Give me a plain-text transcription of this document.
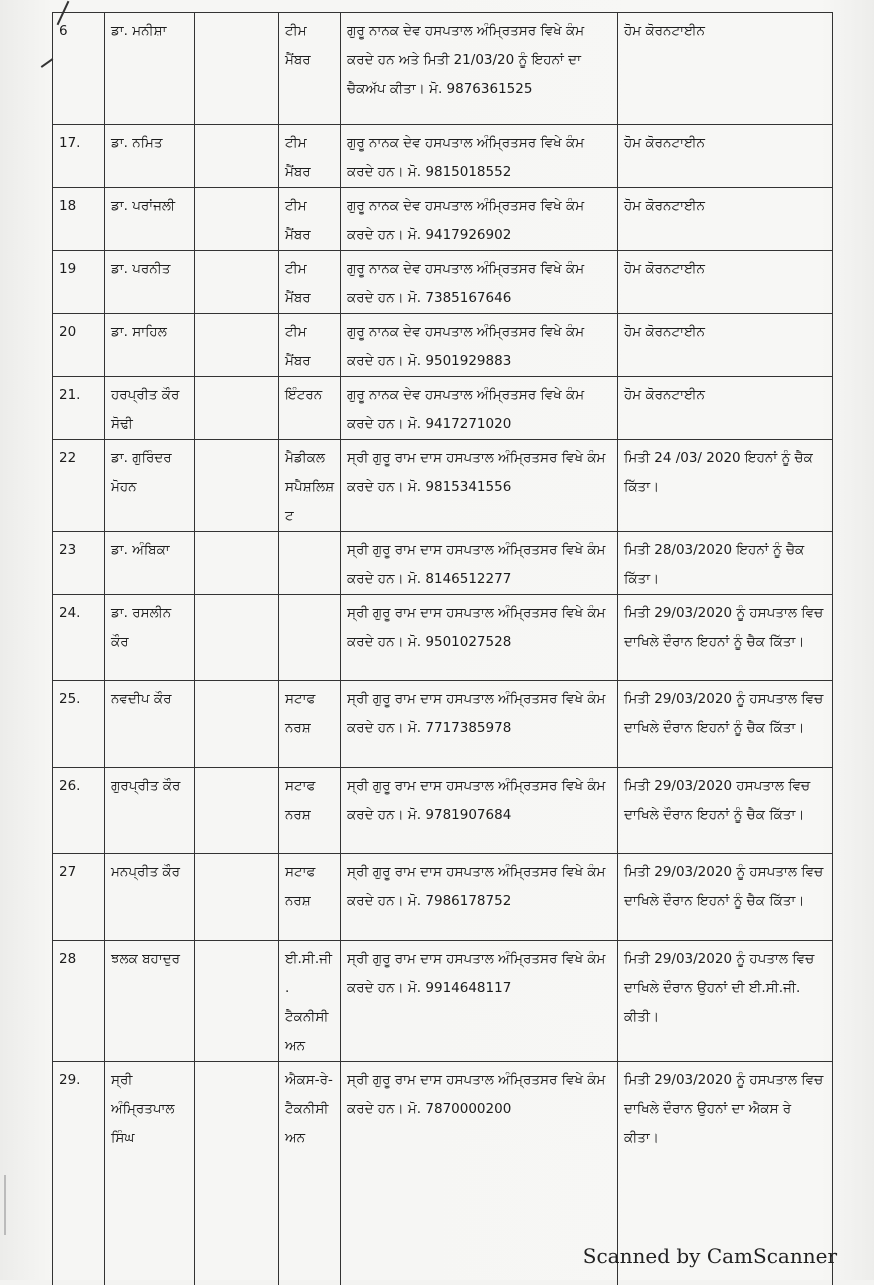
6	ਡਾ. ਮਨੀਸ਼ਾ		ਟੀਮ ਮੈਂਬਰ	ਗੁਰੂ ਨਾਨਕ ਦੇਵ ਹਸਪਤਾਲ ਅੰਮ੍ਰਿਤਸਰ ਵਿਖੇ ਕੰਮ ਕਰਦੇ ਹਨ ਅਤੇ ਮਿਤੀ 21/03/20 ਨੂੰ ਇਹਨਾਂ ਦਾ ਚੈਕਅੱਪ ਕੀਤਾ। ਮੋ. 9876361525	ਹੋਮ ਕੋਰਨਟਾਈਨ
17.	ਡਾ. ਨਮਿਤ		ਟੀਮ ਮੈਂਬਰ	ਗੁਰੂ ਨਾਨਕ ਦੇਵ ਹਸਪਤਾਲ ਅੰਮ੍ਰਿਤਸਰ ਵਿਖੇ ਕੰਮ ਕਰਦੇ ਹਨ। ਮੋ. 9815018552	ਹੋਮ ਕੋਰਨਟਾਈਨ
18	ਡਾ. ਪਰਾਂਜਲੀ		ਟੀਮ ਮੈਂਬਰ	ਗੁਰੂ ਨਾਨਕ ਦੇਵ ਹਸਪਤਾਲ ਅੰਮ੍ਰਿਤਸਰ ਵਿਖੇ ਕੰਮ ਕਰਦੇ ਹਨ। ਮੋ. 9417926902	ਹੋਮ ਕੋਰਨਟਾਈਨ
19	ਡਾ. ਪਰਨੀਤ		ਟੀਮ ਮੈਂਬਰ	ਗੁਰੂ ਨਾਨਕ ਦੇਵ ਹਸਪਤਾਲ ਅੰਮ੍ਰਿਤਸਰ ਵਿਖੇ ਕੰਮ ਕਰਦੇ ਹਨ। ਮੋ. 7385167646	ਹੋਮ ਕੋਰਨਟਾਈਨ
20	ਡਾ. ਸਾਹਿਲ		ਟੀਮ ਮੈਂਬਰ	ਗੁਰੂ ਨਾਨਕ ਦੇਵ ਹਸਪਤਾਲ ਅੰਮ੍ਰਿਤਸਰ ਵਿਖੇ ਕੰਮ ਕਰਦੇ ਹਨ। ਮੋ. 9501929883	ਹੋਮ ਕੋਰਨਟਾਈਨ
21.	ਹਰਪ੍ਰੀਤ ਕੌਰ ਸੋਢੀ		ਇੰਟਰਨ	ਗੁਰੂ ਨਾਨਕ ਦੇਵ ਹਸਪਤਾਲ ਅੰਮ੍ਰਿਤਸਰ ਵਿਖੇ ਕੰਮ ਕਰਦੇ ਹਨ। ਮੋ. 9417271020	ਹੋਮ ਕੋਰਨਟਾਈਨ
22	ਡਾ. ਗੁਰਿੰਦਰ ਮੋਹਨ		ਮੈਡੀਕਲ ਸਪੈਸ਼ਲਿਸ਼ਟ	ਸ੍ਰੀ ਗੁਰੂ ਰਾਮ ਦਾਸ ਹਸਪਤਾਲ ਅੰਮ੍ਰਿਤਸਰ ਵਿਖੇ ਕੰਮ ਕਰਦੇ ਹਨ। ਮੋ. 9815341556	ਮਿਤੀ 24 /03/ 2020 ਇਹਨਾਂ ਨੂੰ ਚੈਕ ਕਿੱਤਾ।
23	ਡਾ. ਅੰਬਿਕਾ			ਸ੍ਰੀ ਗੁਰੂ ਰਾਮ ਦਾਸ ਹਸਪਤਾਲ ਅੰਮ੍ਰਿਤਸਰ ਵਿਖੇ ਕੰਮ ਕਰਦੇ ਹਨ। ਮੋ. 8146512277	ਮਿਤੀ 28/03/2020 ਇਹਨਾਂ ਨੂੰ ਚੈਕ ਕਿੱਤਾ।
24.	ਡਾ. ਰਸਲੀਨ ਕੌਰ			ਸ੍ਰੀ ਗੁਰੂ ਰਾਮ ਦਾਸ ਹਸਪਤਾਲ ਅੰਮ੍ਰਿਤਸਰ ਵਿਖੇ ਕੰਮ ਕਰਦੇ ਹਨ। ਮੋ. 9501027528	ਮਿਤੀ 29/03/2020 ਨੂੰ ਹਸਪਤਾਲ ਵਿਚ ਦਾਖਿਲੇ ਦੌਰਾਨ ਇਹਨਾਂ ਨੂੰ ਚੈਕ ਕਿੱਤਾ।
25.	ਨਵਦੀਪ ਕੌਰ		ਸਟਾਫ ਨਰਸ਼	ਸ੍ਰੀ ਗੁਰੂ ਰਾਮ ਦਾਸ ਹਸਪਤਾਲ ਅੰਮ੍ਰਿਤਸਰ ਵਿਖੇ ਕੰਮ ਕਰਦੇ ਹਨ। ਮੋ. 7717385978	ਮਿਤੀ 29/03/2020 ਨੂੰ ਹਸਪਤਾਲ ਵਿਚ ਦਾਖਿਲੇ ਦੌਰਾਨ ਇਹਨਾਂ ਨੂੰ ਚੈਕ ਕਿੱਤਾ।
26.	ਗੁਰਪ੍ਰੀਤ ਕੌਰ		ਸਟਾਫ ਨਰਸ਼	ਸ੍ਰੀ ਗੁਰੂ ਰਾਮ ਦਾਸ ਹਸਪਤਾਲ ਅੰਮ੍ਰਿਤਸਰ ਵਿਖੇ ਕੰਮ ਕਰਦੇ ਹਨ। ਮੋ. 9781907684	ਮਿਤੀ 29/03/2020 ਹਸਪਤਾਲ ਵਿਚ ਦਾਖਿਲੇ ਦੌਰਾਨ ਇਹਨਾਂ ਨੂੰ ਚੈਕ ਕਿੱਤਾ।
27	ਮਨਪ੍ਰੀਤ ਕੌਰ		ਸਟਾਫ ਨਰਸ਼	ਸ੍ਰੀ ਗੁਰੂ ਰਾਮ ਦਾਸ ਹਸਪਤਾਲ ਅੰਮ੍ਰਿਤਸਰ ਵਿਖੇ ਕੰਮ ਕਰਦੇ ਹਨ। ਮੋ. 7986178752	ਮਿਤੀ 29/03/2020 ਨੂੰ ਹਸਪਤਾਲ ਵਿਚ ਦਾਖਿਲੇ ਦੌਰਾਨ ਇਹਨਾਂ ਨੂੰ ਚੈਕ ਕਿੱਤਾ।
28	ਝਲਕ ਬਹਾਦੁਰ		ਈ.ਸੀ.ਜੀ . ਟੈਕਨੀਸੀਅਨ	ਸ੍ਰੀ ਗੁਰੂ ਰਾਮ ਦਾਸ ਹਸਪਤਾਲ ਅੰਮ੍ਰਿਤਸਰ ਵਿਖੇ ਕੰਮ ਕਰਦੇ ਹਨ। ਮੋ. 9914648117	ਮਿਤੀ 29/03/2020 ਨੂੰ ਹਪਤਾਲ ਵਿਚ ਦਾਖਿਲੇ ਦੌਰਾਨ ਉਹਨਾਂ ਦੀ ਈ.ਸੀ.ਜੀ. ਕੀਤੀ।
29.	ਸ੍ਰੀ ਅੰਮ੍ਰਿਤਪਾਲ ਸਿੰਘ		ਐਕਸ-ਰੇ- ਟੈਕਨੀਸੀਅਨ	ਸ੍ਰੀ ਗੁਰੂ ਰਾਮ ਦਾਸ ਹਸਪਤਾਲ ਅੰਮ੍ਰਿਤਸਰ ਵਿਖੇ ਕੰਮ ਕਰਦੇ ਹਨ। ਮੋ. 7870000200	ਮਿਤੀ 29/03/2020 ਨੂੰ ਹਸਪਤਾਲ ਵਿਚ ਦਾਖਿਲੇ ਦੌਰਾਨ ਉਹਨਾਂ ਦਾ ਐਕਸ ਰੇ ਕੀਤਾ।
Scanned by CamScanner
